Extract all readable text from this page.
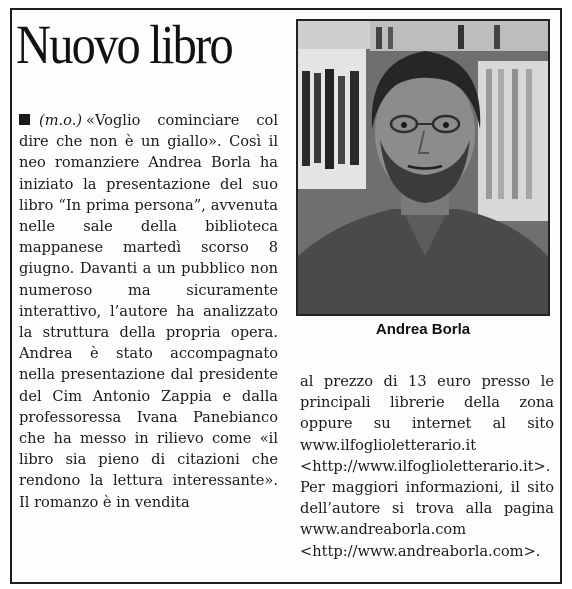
Nuovo libro

(m.o.) «Voglio cominciare col dire che non è un giallo». Così il neo romanziere Andrea Borla ha iniziato la presentazione del suo libro “In prima persona”, avvenuta nelle sale della biblioteca mappanese martedì scorso 8 giugno. Davanti a un pubblico non numeroso ma sicuramente interattivo, l’autore ha analizzato la struttura della propria opera. Andrea è stato accompagnato nella presentazione dal presidente del Cim Antonio Zappia e dalla professoressa Ivana Panebianco che ha messo in rilievo come «il libro sia pieno di citazioni che rendono la lettura interessante». Il romanzo è in vendita

Andrea Borla

al prezzo di 13 euro presso le principali librerie della zona oppure su internet al sito www.ilfoglioletterario.it <http://www.ilfoglioletterario.it>. Per maggiori informazioni, il sito dell’autore si trova alla pagina www.andreaborla.com <http://www.andreaborla.com>.
